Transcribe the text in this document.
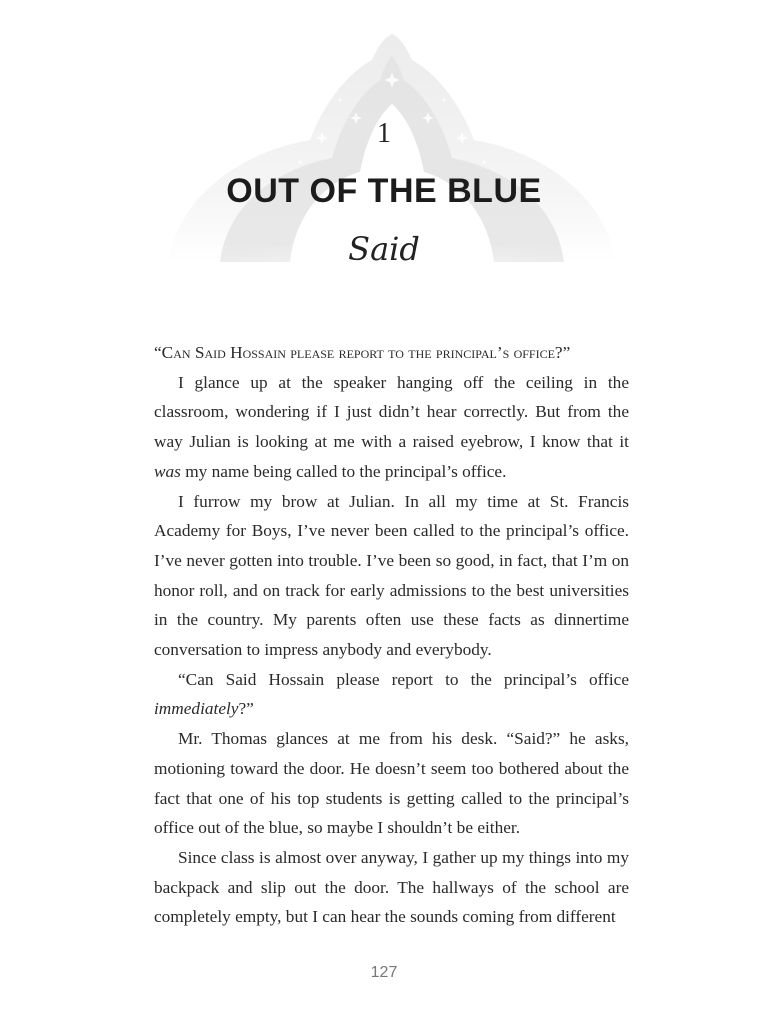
1
OUT OF THE BLUE
Said

“Can Said Hossain please report to the principal’s office?”

I glance up at the speaker hanging off the ceiling in the classroom, wondering if I just didn’t hear correctly. But from the way Julian is looking at me with a raised eyebrow, I know that it was my name being called to the principal’s office.

I furrow my brow at Julian. In all my time at St. Francis Academy for Boys, I’ve never been called to the principal’s office. I’ve never gotten into trouble. I’ve been so good, in fact, that I’m on honor roll, and on track for early admissions to the best universities in the country. My parents often use these facts as dinnertime conversation to impress anybody and everybody.

“Can Said Hossain please report to the principal’s office immediately?”

Mr. Thomas glances at me from his desk. “Said?” he asks, motioning toward the door. He doesn’t seem too bothered about the fact that one of his top students is getting called to the principal’s office out of the blue, so maybe I shouldn’t be either.

Since class is almost over anyway, I gather up my things into my backpack and slip out the door. The hallways of the school are completely empty, but I can hear the sounds coming from different

127
